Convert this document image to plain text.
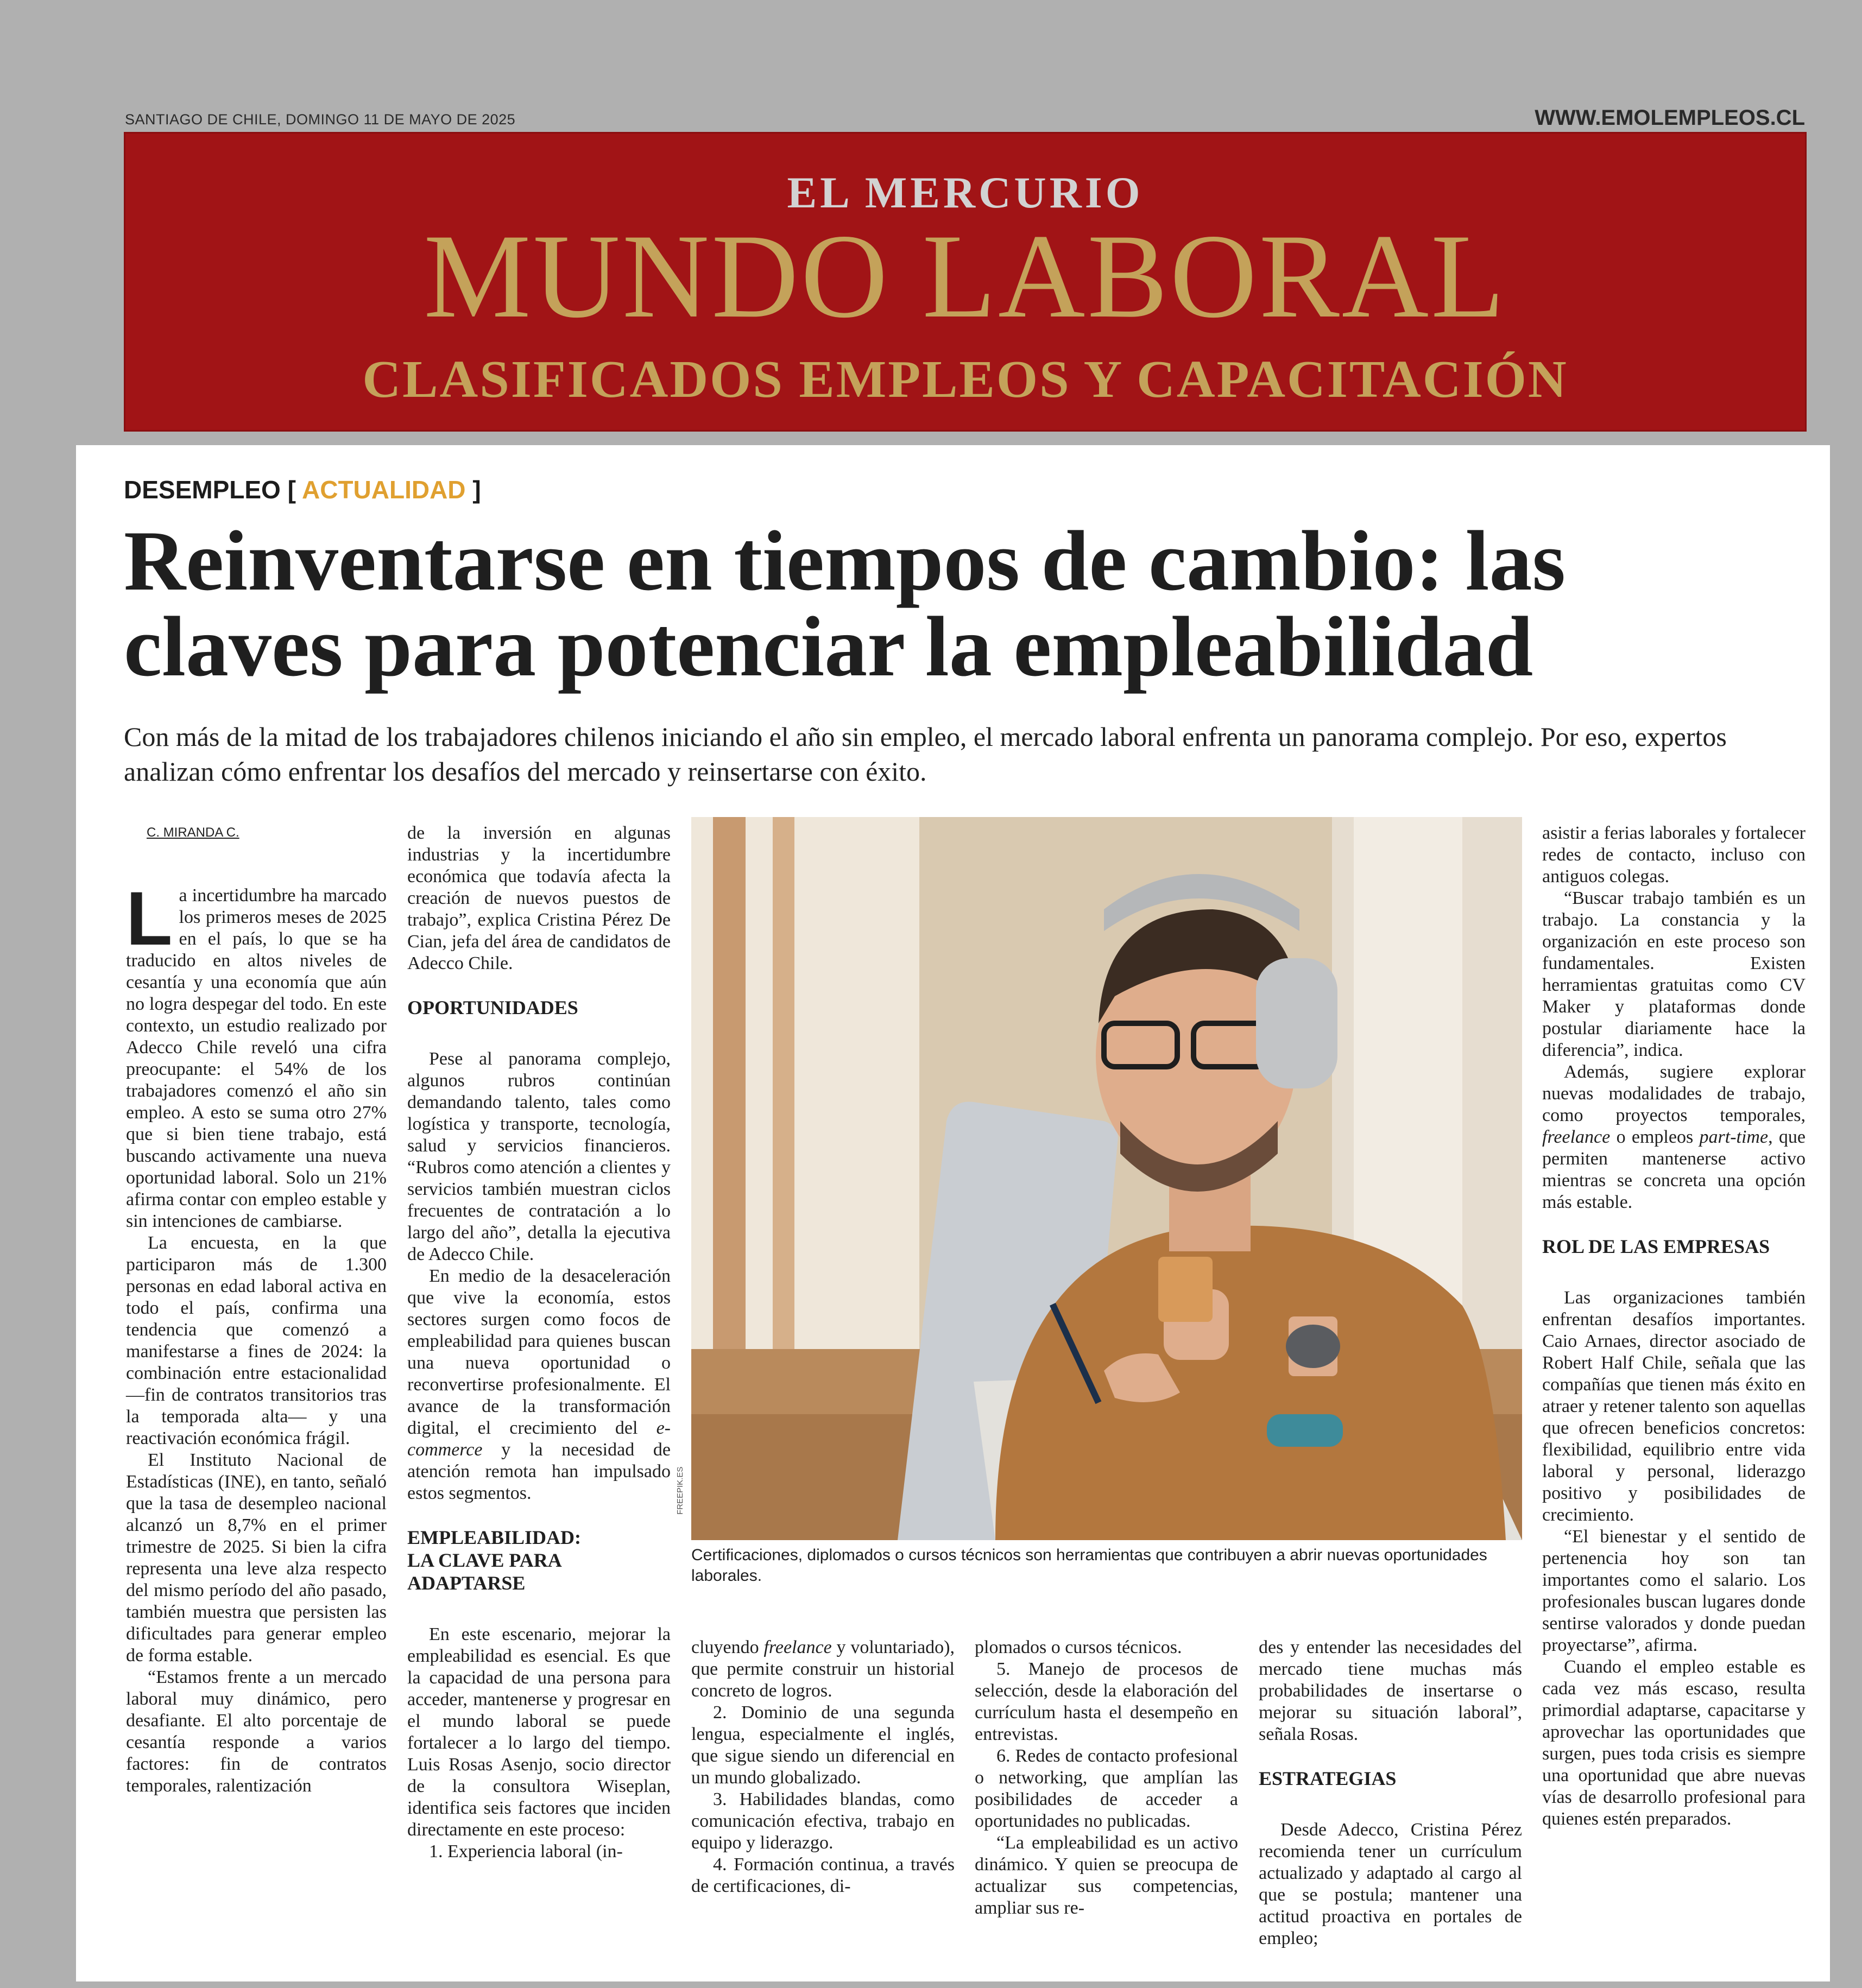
SANTIAGO DE CHILE, DOMINGO 11 DE MAYO DE 2025	WWW.EMOLEMPLEOS.CL
EL MERCURIO
MUNDO LABORAL
CLASIFICADOS EMPLEOS Y CAPACITACIÓN
DESEMPLEO [ ACTUALIDAD ]
Reinventarse en tiempos de cambio: las claves para potenciar la empleabilidad
Con más de la mitad de los trabajadores chilenos iniciando el año sin empleo, el mercado laboral enfrenta un panorama complejo. Por eso, expertos analizan cómo enfrentar los desafíos del mercado y reinsertarse con éxito.
C. MIRANDA C.

La incertidumbre ha marcado los primeros meses de 2025 en el país, lo que se ha traducido en altos niveles de cesantía y una economía que aún no logra despegar del todo. En este contexto, un estudio realizado por Adecco Chile reveló una cifra preocupante: el 54% de los trabajadores comenzó el año sin empleo. A esto se suma otro 27% que si bien tiene trabajo, está buscando activamente una nueva oportunidad laboral. Solo un 21% afirma contar con empleo estable y sin intenciones de cambiarse.

La encuesta, en la que participaron más de 1.300 personas en edad laboral activa en todo el país, confirma una tendencia que comenzó a manifestarse a fines de 2024: la combinación entre estacionalidad —fin de contratos transitorios tras la temporada alta— y una reactivación económica frágil.

El Instituto Nacional de Estadísticas (INE), en tanto, señaló que la tasa de desempleo nacional alcanzó un 8,7% en el primer trimestre de 2025. Si bien la cifra representa una leve alza respecto del mismo período del año pasado, también muestra que persisten las dificultades para generar empleo de forma estable.

“Estamos frente a un mercado laboral muy dinámico, pero desafiante. El alto porcentaje de cesantía responde a varios factores: fin de contratos temporales, ralentización

de la inversión en algunas industrias y la incertidumbre económica que todavía afecta la creación de nuevos puestos de trabajo”, explica Cristina Pérez De Cian, jefa del área de candidatos de Adecco Chile.

OPORTUNIDADES

Pese al panorama complejo, algunos rubros continúan demandando talento, tales como logística y transporte, tecnología, salud y servicios financieros. “Rubros como atención a clientes y servicios también muestran ciclos frecuentes de contratación a lo largo del año”, detalla la ejecutiva de Adecco Chile.

En medio de la desaceleración que vive la economía, estos sectores surgen como focos de empleabilidad para quienes buscan una nueva oportunidad o reconvertirse profesionalmente. El avance de la transformación digital, el crecimiento del e-commerce y la necesidad de atención remota han impulsado estos segmentos.

EMPLEABILIDAD:
LA CLAVE PARA
ADAPTARSE

En este escenario, mejorar la empleabilidad es esencial. Es que la capacidad de una persona para acceder, mantenerse y progresar en el mundo laboral se puede fortalecer a lo largo del tiempo. Luis Rosas Asenjo, socio director de la consultora Wiseplan, identifica seis factores que inciden directamente en este proceso:

1. Experiencia laboral (in-

FREEPIK.ES
Certificaciones, diplomados o cursos técnicos son herramientas que contribuyen a abrir nuevas oportunidades laborales.

cluyendo freelance y voluntariado), que permite construir un historial concreto de logros.

2. Dominio de una segunda lengua, especialmente el inglés, que sigue siendo un diferencial en un mundo globalizado.

3. Habilidades blandas, como comunicación efectiva, trabajo en equipo y liderazgo.

4. Formación continua, a través de certificaciones, di-

plomados o cursos técnicos.

5. Manejo de procesos de selección, desde la elaboración del currículum hasta el desempeño en entrevistas.

6. Redes de contacto profesional o networking, que amplían las posibilidades de acceder a oportunidades no publicadas.

“La empleabilidad es un activo dinámico. Y quien se preocupa de actualizar sus competencias, ampliar sus re-

des y entender las necesidades del mercado tiene muchas más probabilidades de insertarse o mejorar su situación laboral”, señala Rosas.

ESTRATEGIAS

Desde Adecco, Cristina Pérez recomienda tener un currículum actualizado y adaptado al cargo al que se postula; mantener una actitud proactiva en portales de empleo;

asistir a ferias laborales y fortalecer redes de contacto, incluso con antiguos colegas.

“Buscar trabajo también es un trabajo. La constancia y la organización en este proceso son fundamentales. Existen herramientas gratuitas como CV Maker y plataformas donde postular diariamente hace la diferencia”, indica.

Además, sugiere explorar nuevas modalidades de trabajo, como proyectos temporales, freelance o empleos part-time, que permiten mantenerse activo mientras se concreta una opción más estable.

ROL DE LAS EMPRESAS

Las organizaciones también enfrentan desafíos importantes. Caio Arnaes, director asociado de Robert Half Chile, señala que las compañías que tienen más éxito en atraer y retener talento son aquellas que ofrecen beneficios concretos: flexibilidad, equilibrio entre vida laboral y personal, liderazgo positivo y posibilidades de crecimiento.

“El bienestar y el sentido de pertenencia hoy son tan importantes como el salario. Los profesionales buscan lugares donde sentirse valorados y donde puedan proyectarse”, afirma.

Cuando el empleo estable es cada vez más escaso, resulta primordial adaptarse, capacitarse y aprovechar las oportunidades que surgen, pues toda crisis es siempre una oportunidad que abre nuevas vías de desarrollo profesional para quienes estén preparados.
